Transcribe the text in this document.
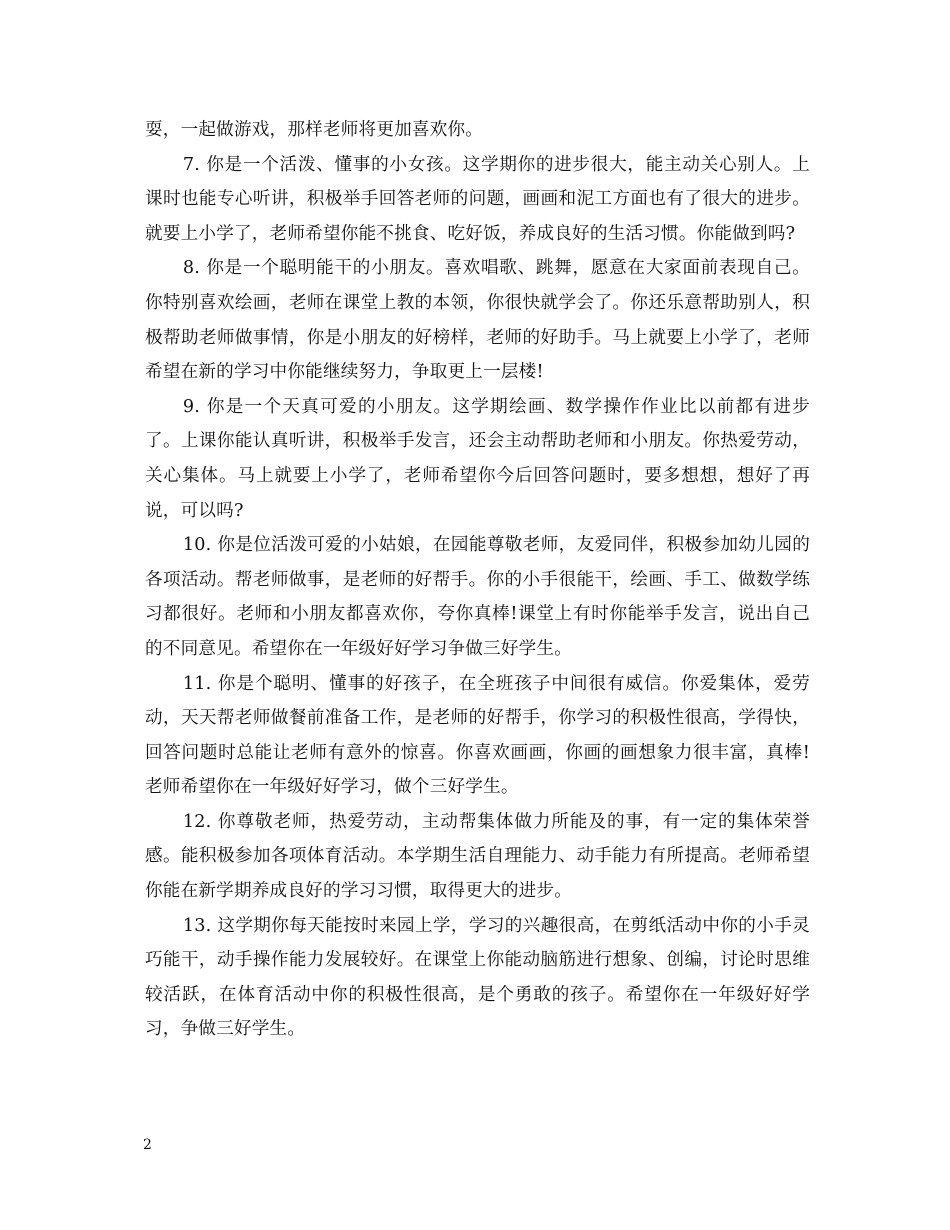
耍，一起做游戏，那样老师将更加喜欢你。

7. 你是一个活泼、懂事的小女孩。这学期你的进步很大，能主动关心别人。上课时也能专心听讲，积极举手回答老师的问题，画画和泥工方面也有了很大的进步。就要上小学了，老师希望你能不挑食、吃好饭，养成良好的生活习惯。你能做到吗?

8. 你是一个聪明能干的小朋友。喜欢唱歌、跳舞，愿意在大家面前表现自己。你特别喜欢绘画，老师在课堂上教的本领，你很快就学会了。你还乐意帮助别人，积极帮助老师做事情，你是小朋友的好榜样，老师的好助手。马上就要上小学了，老师希望在新的学习中你能继续努力，争取更上一层楼!

9. 你是一个天真可爱的小朋友。这学期绘画、数学操作作业比以前都有进步了。上课你能认真听讲，积极举手发言，还会主动帮助老师和小朋友。你热爱劳动，关心集体。马上就要上小学了，老师希望你今后回答问题时，要多想想，想好了再说，可以吗?

10. 你是位活泼可爱的小姑娘，在园能尊敬老师，友爱同伴，积极参加幼儿园的各项活动。帮老师做事，是老师的好帮手。你的小手很能干，绘画、手工、做数学练习都很好。老师和小朋友都喜欢你，夸你真棒!课堂上有时你能举手发言，说出自己的不同意见。希望你在一年级好好学习争做三好学生。

11. 你是个聪明、懂事的好孩子，在全班孩子中间很有威信。你爱集体，爱劳动，天天帮老师做餐前准备工作，是老师的好帮手，你学习的积极性很高，学得快，回答问题时总能让老师有意外的惊喜。你喜欢画画，你画的画想象力很丰富，真棒!老师希望你在一年级好好学习，做个三好学生。

12. 你尊敬老师，热爱劳动，主动帮集体做力所能及的事，有一定的集体荣誉感。能积极参加各项体育活动。本学期生活自理能力、动手能力有所提高。老师希望你能在新学期养成良好的学习习惯，取得更大的进步。

13. 这学期你每天能按时来园上学，学习的兴趣很高，在剪纸活动中你的小手灵巧能干，动手操作能力发展较好。在课堂上你能动脑筋进行想象、创编，讨论时思维较活跃，在体育活动中你的积极性很高，是个勇敢的孩子。希望你在一年级好好学习，争做三好学生。

2
